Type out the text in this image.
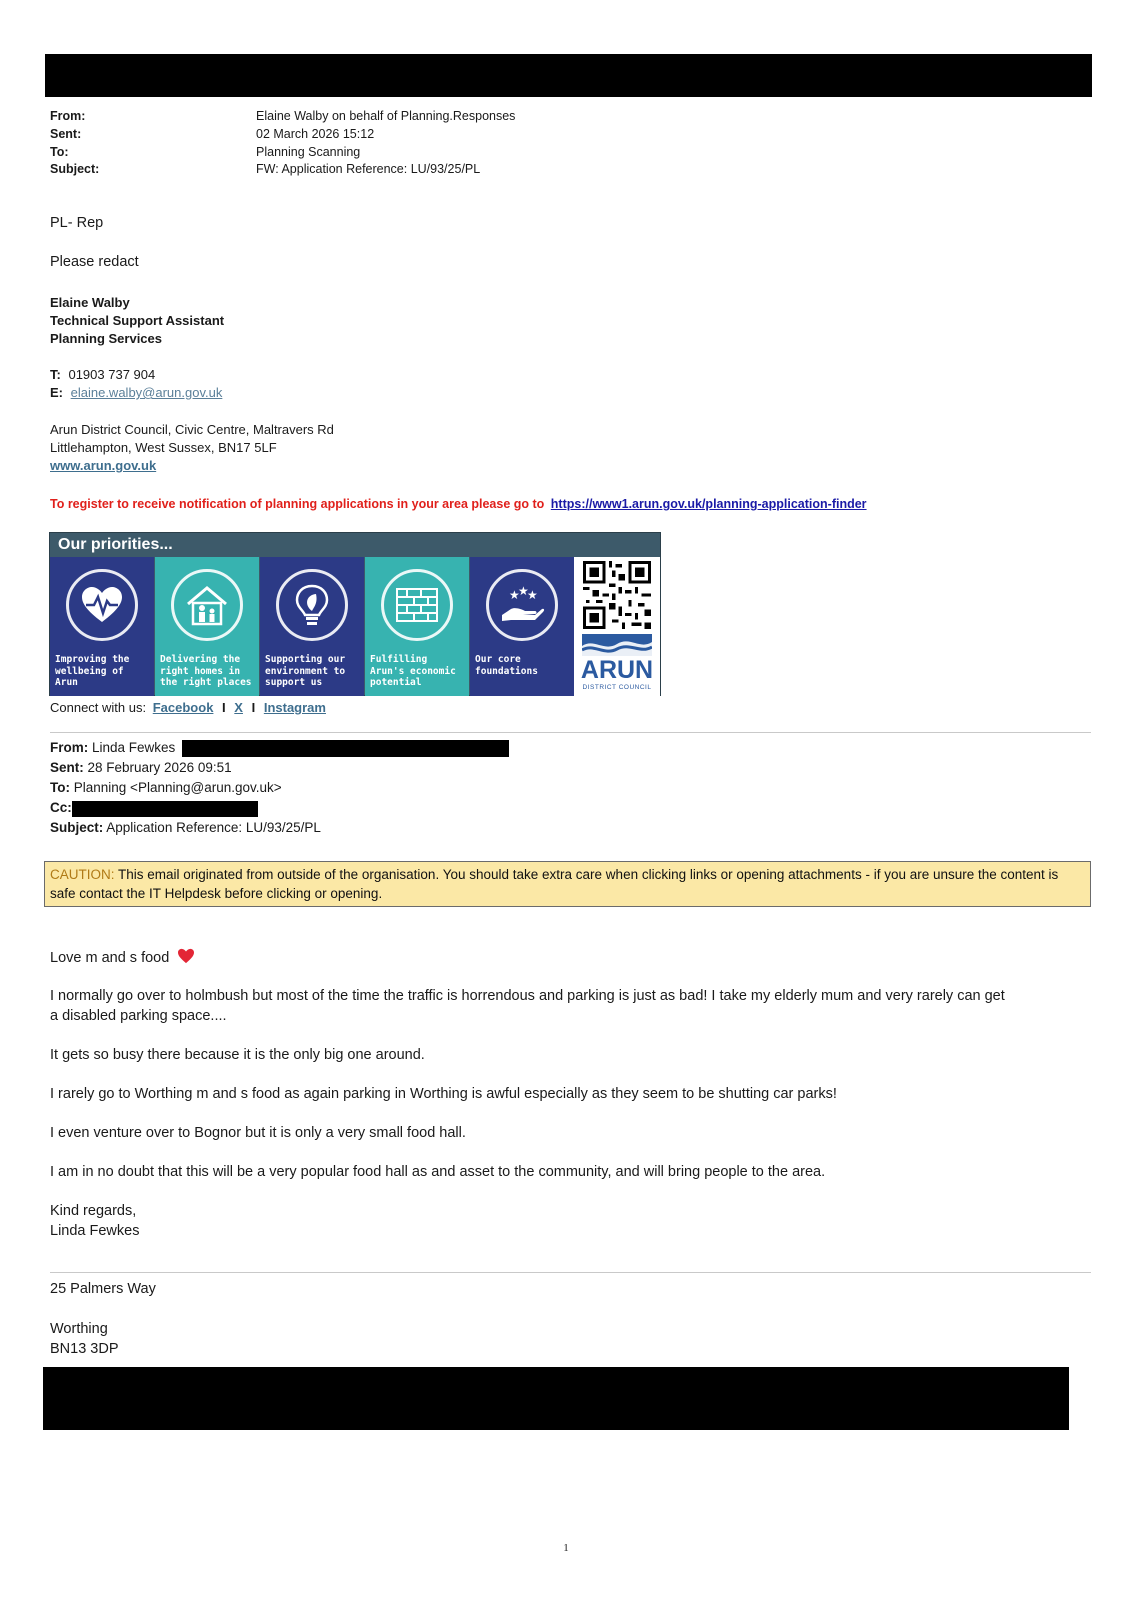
From:	Elaine Walby on behalf of Planning.Responses
Sent:	02 March 2026 15:12
To:	Planning Scanning
Subject:	FW: Application Reference: LU/93/25/PL
PL- Rep
Please redact
Elaine Walby
Technical Support Assistant
Planning Services
T: 01903 737 904
E: elaine.walby@arun.gov.uk
Arun District Council, Civic Centre, Maltravers Rd
Littlehampton, West Sussex, BN17 5LF
www.arun.gov.uk
To register to receive notification of planning applications in your area please go to https://www1.arun.gov.uk/planning-application-finder
Our priorities...
Improving the wellbeing of Arun
Delivering the right homes in the right places
Supporting our environment to support us
Fulfilling Arun's economic potential
★
★
★
Our core foundations	ARUN
DISTRICT COUNCIL
Connect with us: Facebook I X I Instagram
From: Linda Fewkes
Sent: 28 February 2026 09:51
To: Planning <Planning@arun.gov.uk>
Cc:
Subject: Application Reference: LU/93/25/PL
CAUTION: This email originated from outside of the organisation. You should take extra care when clicking links or opening attachments - if you are unsure the content is safe contact the IT Helpdesk before clicking or opening.
Love m and s food
I normally go over to holmbush but most of the time the traffic is horrendous and parking is just as bad! I take my elderly mum and very rarely can get
a disabled parking space....
It gets so busy there because it is the only big one around.
I rarely go to Worthing m and s food as again parking in Worthing is awful especially as they seem to be shutting car parks!
I even venture over to Bognor but it is only a very small food hall.
I am in no doubt that this will be a very popular food hall as and asset to the community, and will bring people to the area.
Kind regards,
Linda Fewkes
25 Palmers Way
Worthing
BN13 3DP
1
